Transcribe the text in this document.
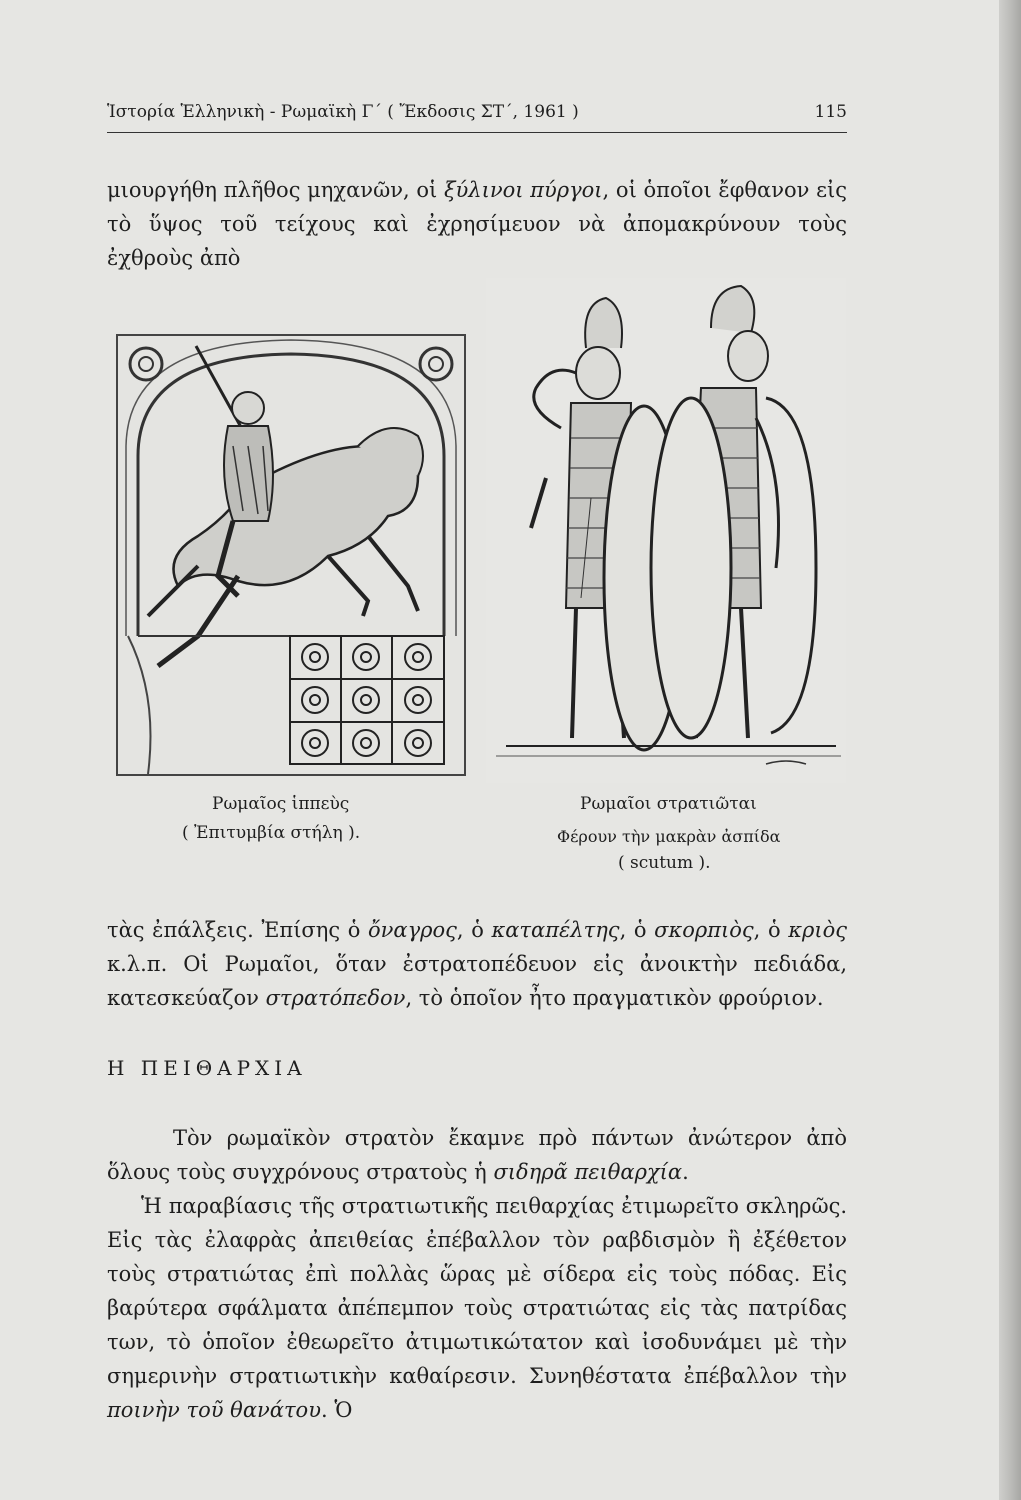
Ἱστορία Ἑλληνικὴ - Ρωμαϊκὴ Γ΄ ( Ἔκδοσις ΣΤ΄, 1961 )	115

μιουργήθη πλῆθος μηχανῶν, οἱ ξύλινοι πύργοι, οἱ ὁποῖοι ἔφθανον εἰς τὸ ὕψος τοῦ τείχους καὶ ἐχρησίμευον νὰ ἀπομακρύνουν τοὺς ἐχθροὺς ἀπὸ

Ρωμαῖος ἱππεὺς
( Ἐπιτυμβία στήλη ).
Ρωμαῖοι στρατιῶται
Φέρουν τὴν μακρὰν ἀσπίδα
( scutum ).

τὰς ἐπάλξεις. Ἐπίσης ὁ ὄναγρος, ὁ καταπέλτης, ὁ σκορπιὸς, ὁ κριὸς κ.λ.π. Οἱ Ρωμαῖοι, ὅταν ἐστρατοπέδευον εἰς ἀνοικτὴν πεδιάδα, κατεσκεύαζον στρατόπεδον, τὸ ὁποῖον ἦτο πραγματικὸν φρούριον.

Η ΠΕΙΘΑΡΧΙΑ

Τὸν ρωμαϊκὸν στρατὸν ἔκαμνε πρὸ πάντων ἀνώτερον ἀπὸ ὅλους τοὺς συγχρόνους στρατοὺς ἡ σιδηρᾶ πειθαρχία.

Ἡ παραβίασις τῆς στρατιωτικῆς πειθαρχίας ἐτιμωρεῖτο σκληρῶς. Εἰς τὰς ἐλαφρὰς ἀπειθείας ἐπέβαλλον τὸν ραβδισμὸν ἢ ἐξέθετον τοὺς στρατιώτας ἐπὶ πολλὰς ὥρας μὲ σίδερα εἰς τοὺς πόδας. Εἰς βαρύτερα σφάλματα ἀπέπεμπον τοὺς στρατιώτας εἰς τὰς πατρίδας των, τὸ ὁποῖον ἐθεωρεῖτο ἀτιμωτικώτατον καὶ ἰσοδυνάμει μὲ τὴν σημερινὴν στρατιωτικὴν καθαίρεσιν. Συνηθέστατα ἐπέβαλλον τὴν ποινὴν τοῦ θανάτου. Ὁ
